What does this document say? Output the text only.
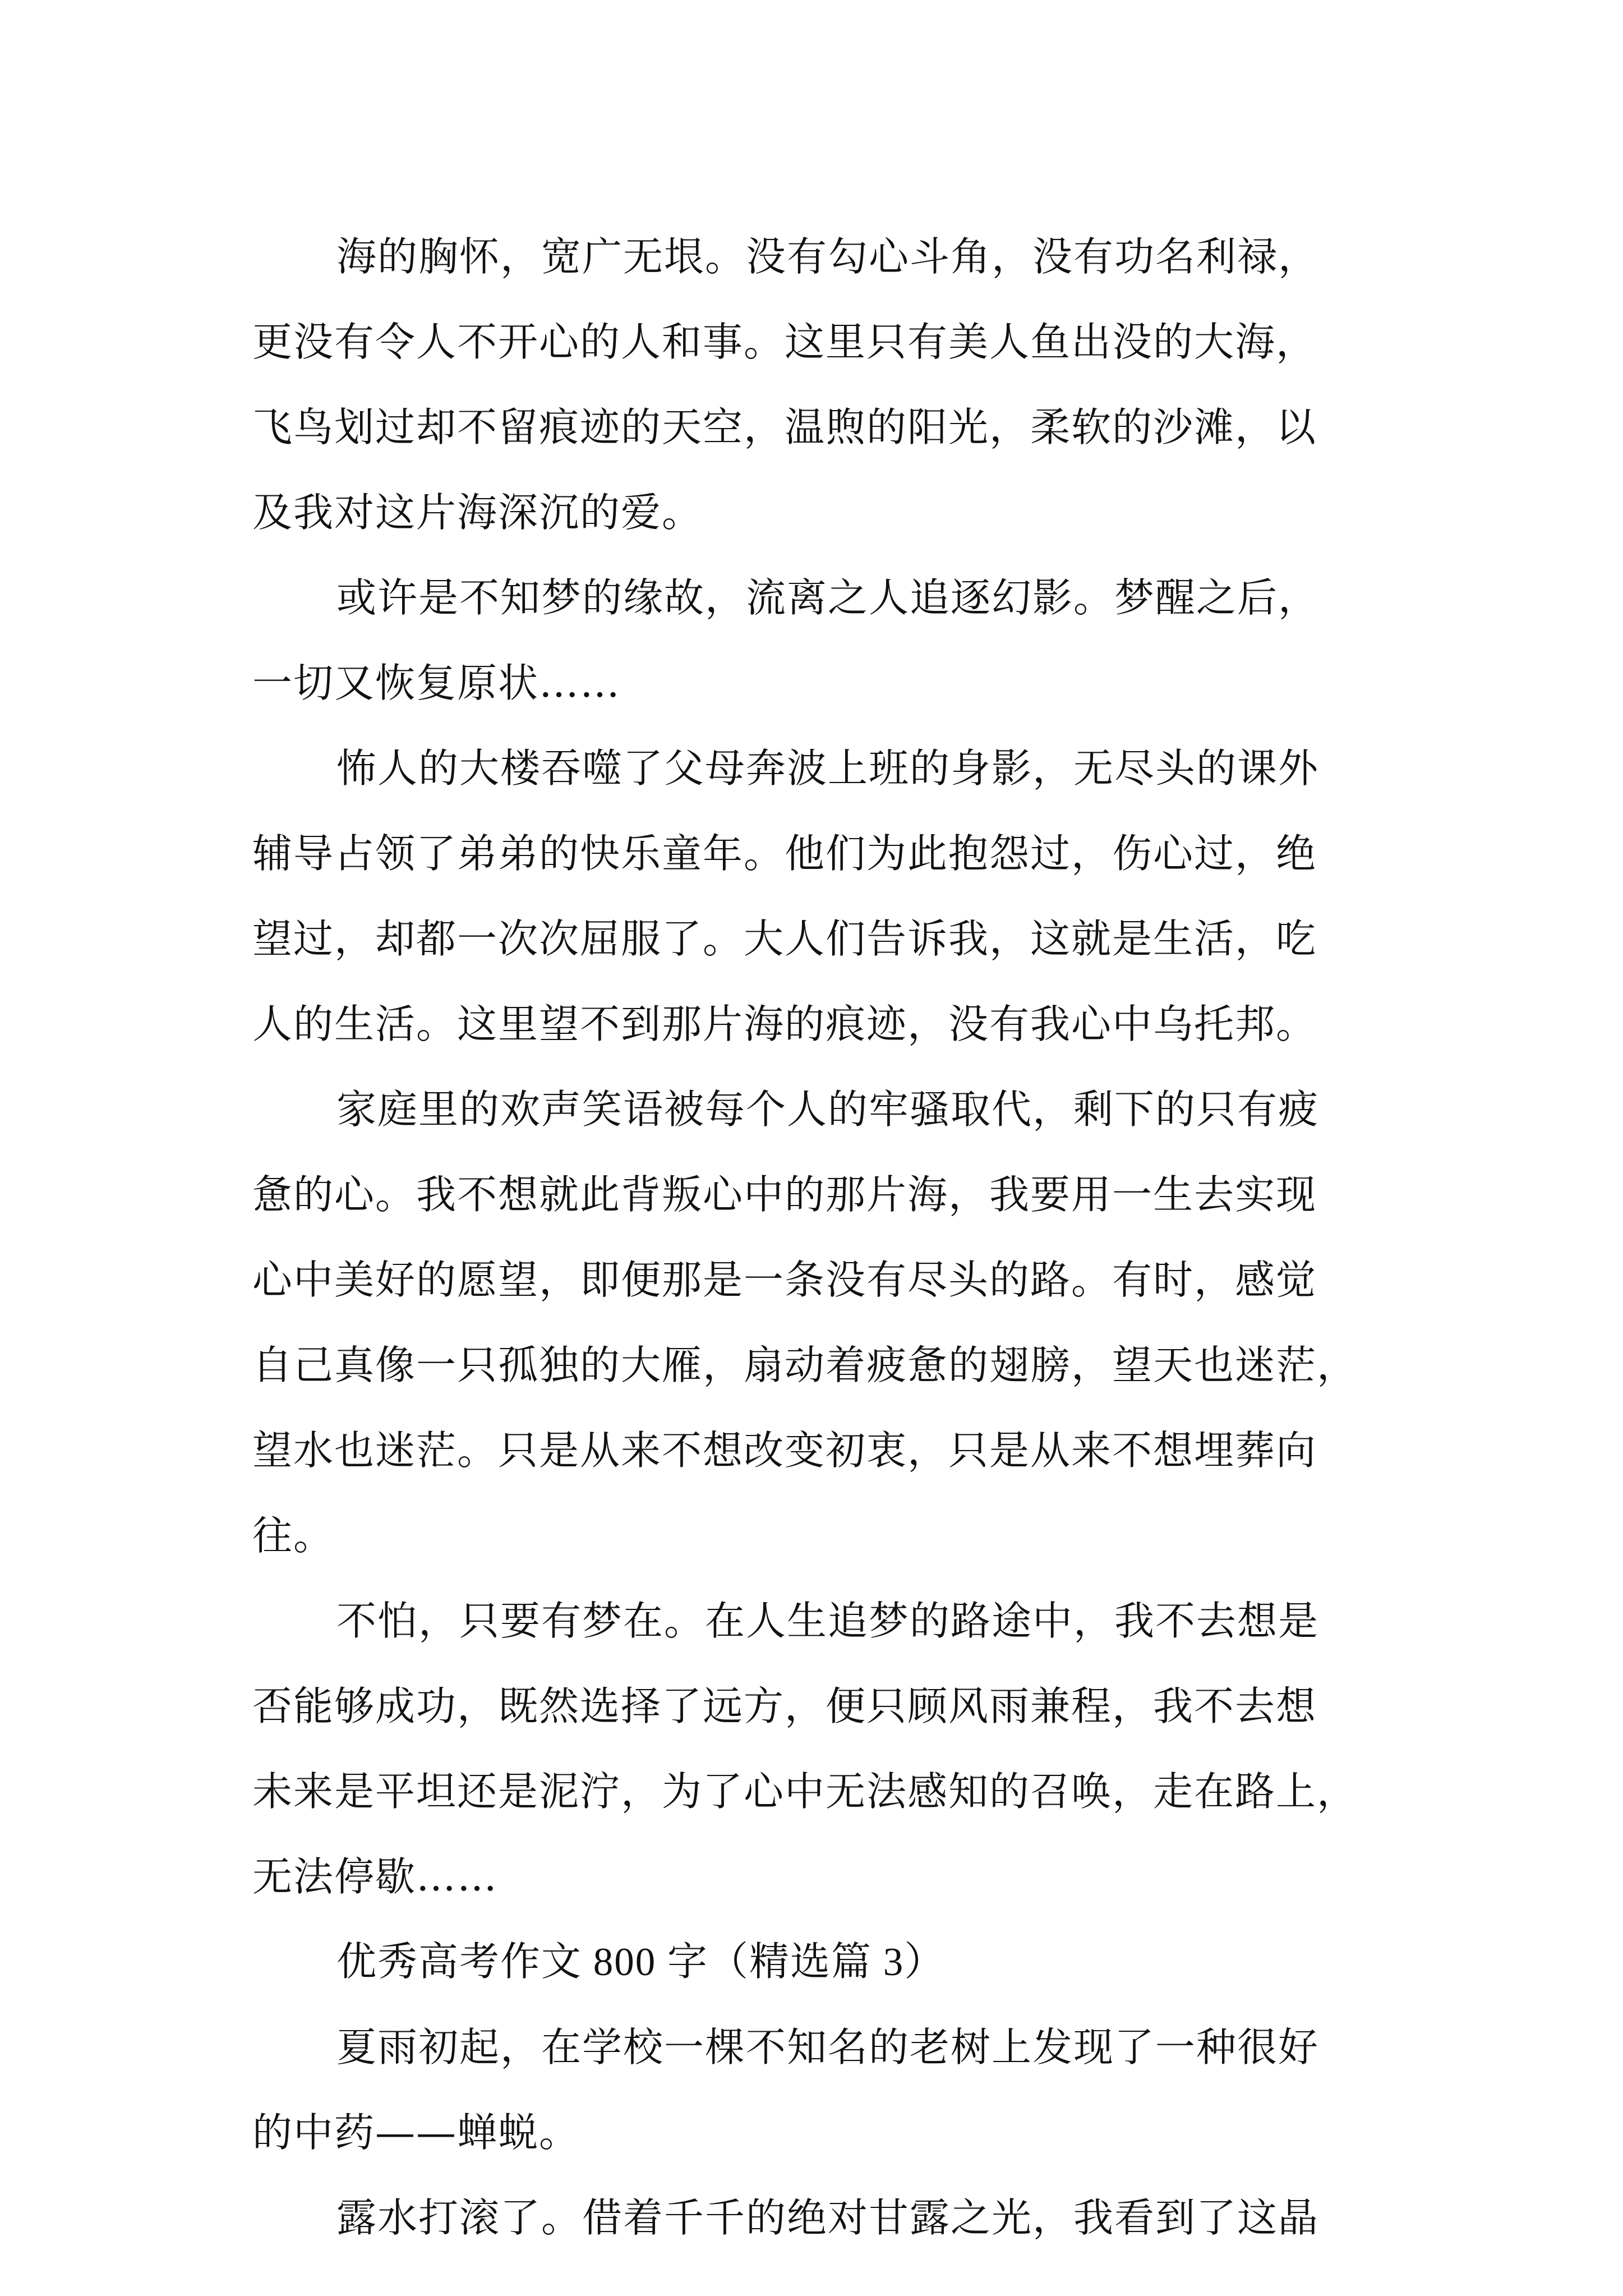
海的胸怀，宽广无垠。没有勾心斗角，没有功名利禄，
更没有令人不开心的人和事。这里只有美人鱼出没的大海，
飞鸟划过却不留痕迹的天空，温煦的阳光，柔软的沙滩，以
及我对这片海深沉的爱。
或许是不知梦的缘故，流离之人追逐幻影。梦醒之后，
一切又恢复原状……
怖人的大楼吞噬了父母奔波上班的身影，无尽头的课外
辅导占领了弟弟的快乐童年。他们为此抱怨过，伤心过，绝
望过，却都一次次屈服了。大人们告诉我，这就是生活，吃
人的生活。这里望不到那片海的痕迹，没有我心中乌托邦。
家庭里的欢声笑语被每个人的牢骚取代，剩下的只有疲
惫的心。我不想就此背叛心中的那片海，我要用一生去实现
心中美好的愿望，即便那是一条没有尽头的路。有时，感觉
自己真像一只孤独的大雁，扇动着疲惫的翅膀，望天也迷茫，
望水也迷茫。只是从来不想改变初衷，只是从来不想埋葬向
往。
不怕，只要有梦在。在人生追梦的路途中，我不去想是
否能够成功，既然选择了远方，便只顾风雨兼程，我不去想
未来是平坦还是泥泞，为了心中无法感知的召唤，走在路上，
无法停歇……
优秀高考作文 800 字（精选篇 3）
夏雨初起，在学校一棵不知名的老树上发现了一种很好
的中药——蝉蜕。
露水打滚了。借着千千的绝对甘露之光，我看到了这晶
